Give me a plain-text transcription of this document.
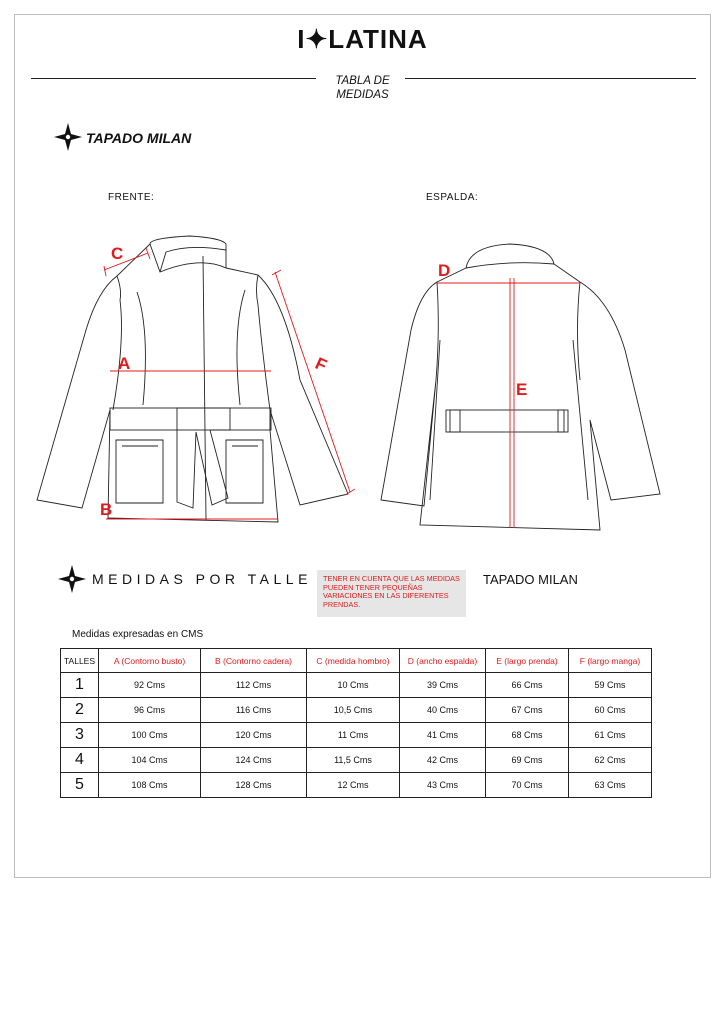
I✦LATINA
TABLA DE
MEDIDAS
TAPADO MILAN
FRENTE:	ESPALDA:
C
A
B
F
D
E
MEDIDAS POR TALLE	TENER EN CUENTA QUE LAS MEDIDAS PUEDEN TENER PEQUEÑAS VARIACIONES EN LAS DIFERENTES PRENDAS.
TAPADO MILAN
Medidas expresadas en CMS
TALLES	A (Contorno busto)	B (Contorno cadera)	C (medida hombro)	D (ancho espalda)	E (largo prenda)	F (largo manga)
1	92 Cms	112 Cms	10 Cms	39 Cms	66 Cms	59 Cms
2	96 Cms	116 Cms	10,5 Cms	40 Cms	67 Cms	60 Cms
3	100 Cms	120 Cms	11 Cms	41 Cms	68 Cms	61 Cms
4	104 Cms	124 Cms	11,5 Cms	42 Cms	69 Cms	62 Cms
5	108 Cms	128 Cms	12 Cms	43 Cms	70 Cms	63 Cms
